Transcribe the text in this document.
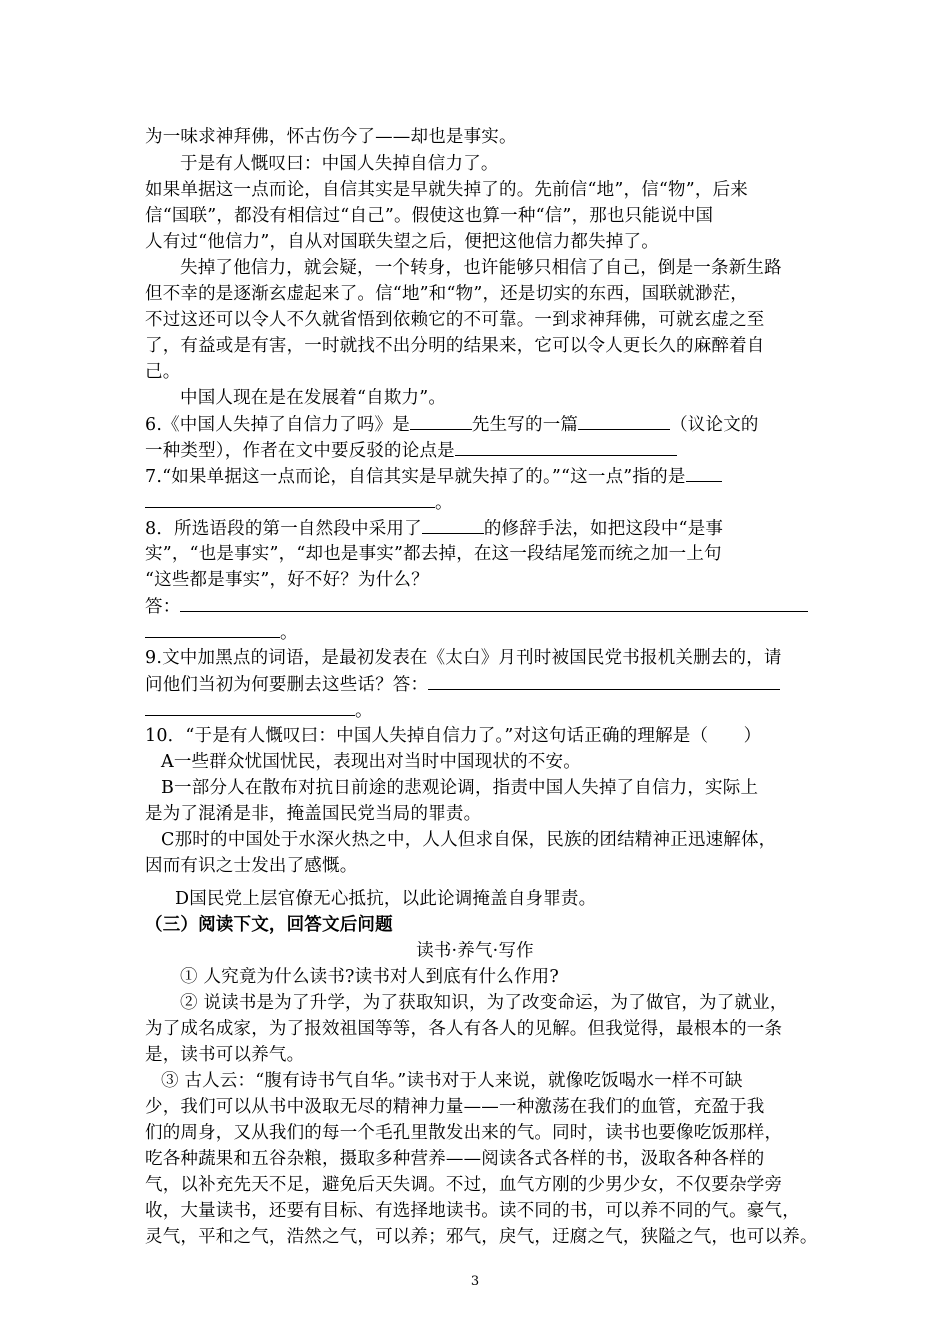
为一味求神拜佛，怀古伤今了——却也是事实。
于是有人慨叹曰：中国人失掉自信力了。
如果单据这一点而论，自信其实是早就失掉了的。先前信“地”，信“物”，后来
信“国联”，都没有相信过“自己”。假使这也算一种“信”，那也只能说中国
人有过“他信力”，自从对国联失望之后，便把这他信力都失掉了。
失掉了他信力，就会疑，一个转身，也许能够只相信了自己，倒是一条新生路
但不幸的是逐渐玄虚起来了。信“地”和“物”，还是切实的东西，国联就渺茫，
不过这还可以令人不久就省悟到依赖它的不可靠。一到求神拜佛，可就玄虚之至
了，有益或是有害，一时就找不出分明的结果来，它可以令人更长久的麻醉着自
己。
中国人现在是在发展着“自欺力”。
6.《中国人失掉了自信力了吗》是	先生写的一篇	（议论文的
一种类型），作者在文中要反驳的论点是
7.“如果单据这一点而论，自信其实是早就失掉了的。”“这一点”指的是
。
8．所选语段的第一自然段中采用了	的修辞手法，如把这段中“是事
实”，“也是事实”，“却也是事实”都去掉，在这一段结尾笼而统之加一上句
“这些都是事实”，好不好？为什么？
答：
。
9.文中加黑点的词语，是最初发表在《太白》月刊时被国民党书报机关删去的，请
问他们当初为何要删去这些话？答：
。
10．“于是有人慨叹曰：中国人失掉自信力了。”对这句话正确的理解是（　　）
A一些群众忧国忧民，表现出对当时中国现状的不安。
B一部分人在散布对抗日前途的悲观论调，指责中国人失掉了自信力，实际上
是为了混淆是非，掩盖国民党当局的罪责。
C那时的中国处于水深火热之中，人人但求自保，民族的团结精神正迅速解体，
因而有识之士发出了感慨。
D国民党上层官僚无心抵抗，以此论调掩盖自身罪责。
（三）阅读下文，回答文后问题
读书·养气·写作
① 人究竟为什么读书?读书对人到底有什么作用?
② 说读书是为了升学，为了获取知识，为了改变命运，为了做官，为了就业，
为了成名成家，为了报效祖国等等，各人有各人的见解。但我觉得，最根本的一条
是，读书可以养气。
③ 古人云：“腹有诗书气自华。”读书对于人来说，就像吃饭喝水一样不可缺
少，我们可以从书中汲取无尽的精神力量——一种激荡在我们的血管，充盈于我
们的周身，又从我们的每一个毛孔里散发出来的气。同时，读书也要像吃饭那样，
吃各种蔬果和五谷杂粮，摄取多种营养——阅读各式各样的书，汲取各种各样的
气，以补充先天不足，避免后天失调。不过，血气方刚的少男少女，不仅要杂学旁
收，大量读书，还要有目标、有选择地读书。读不同的书，可以养不同的气。豪气，
灵气，平和之气，浩然之气，可以养；邪气，戾气，迂腐之气，狭隘之气，也可以养。
3
